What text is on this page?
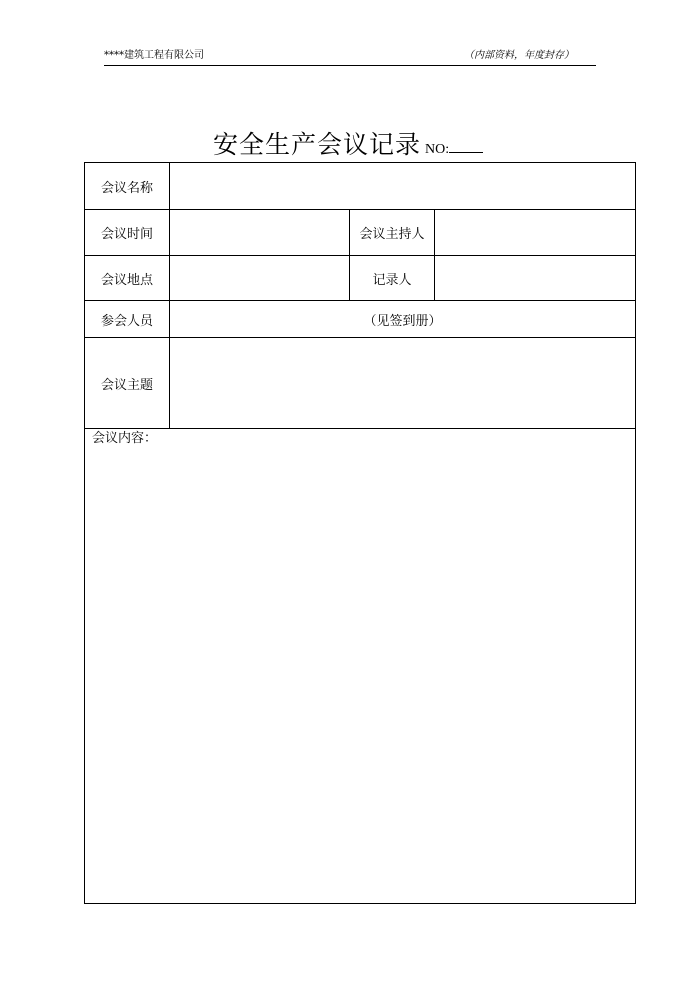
****建筑工程有限公司	（内部资料，年度封存）
安全生产会议记录 NO:
会议名称
会议时间	会议主持人
会议地点	记录人
参会人员	（见签到册）
会议主题
会议内容：
